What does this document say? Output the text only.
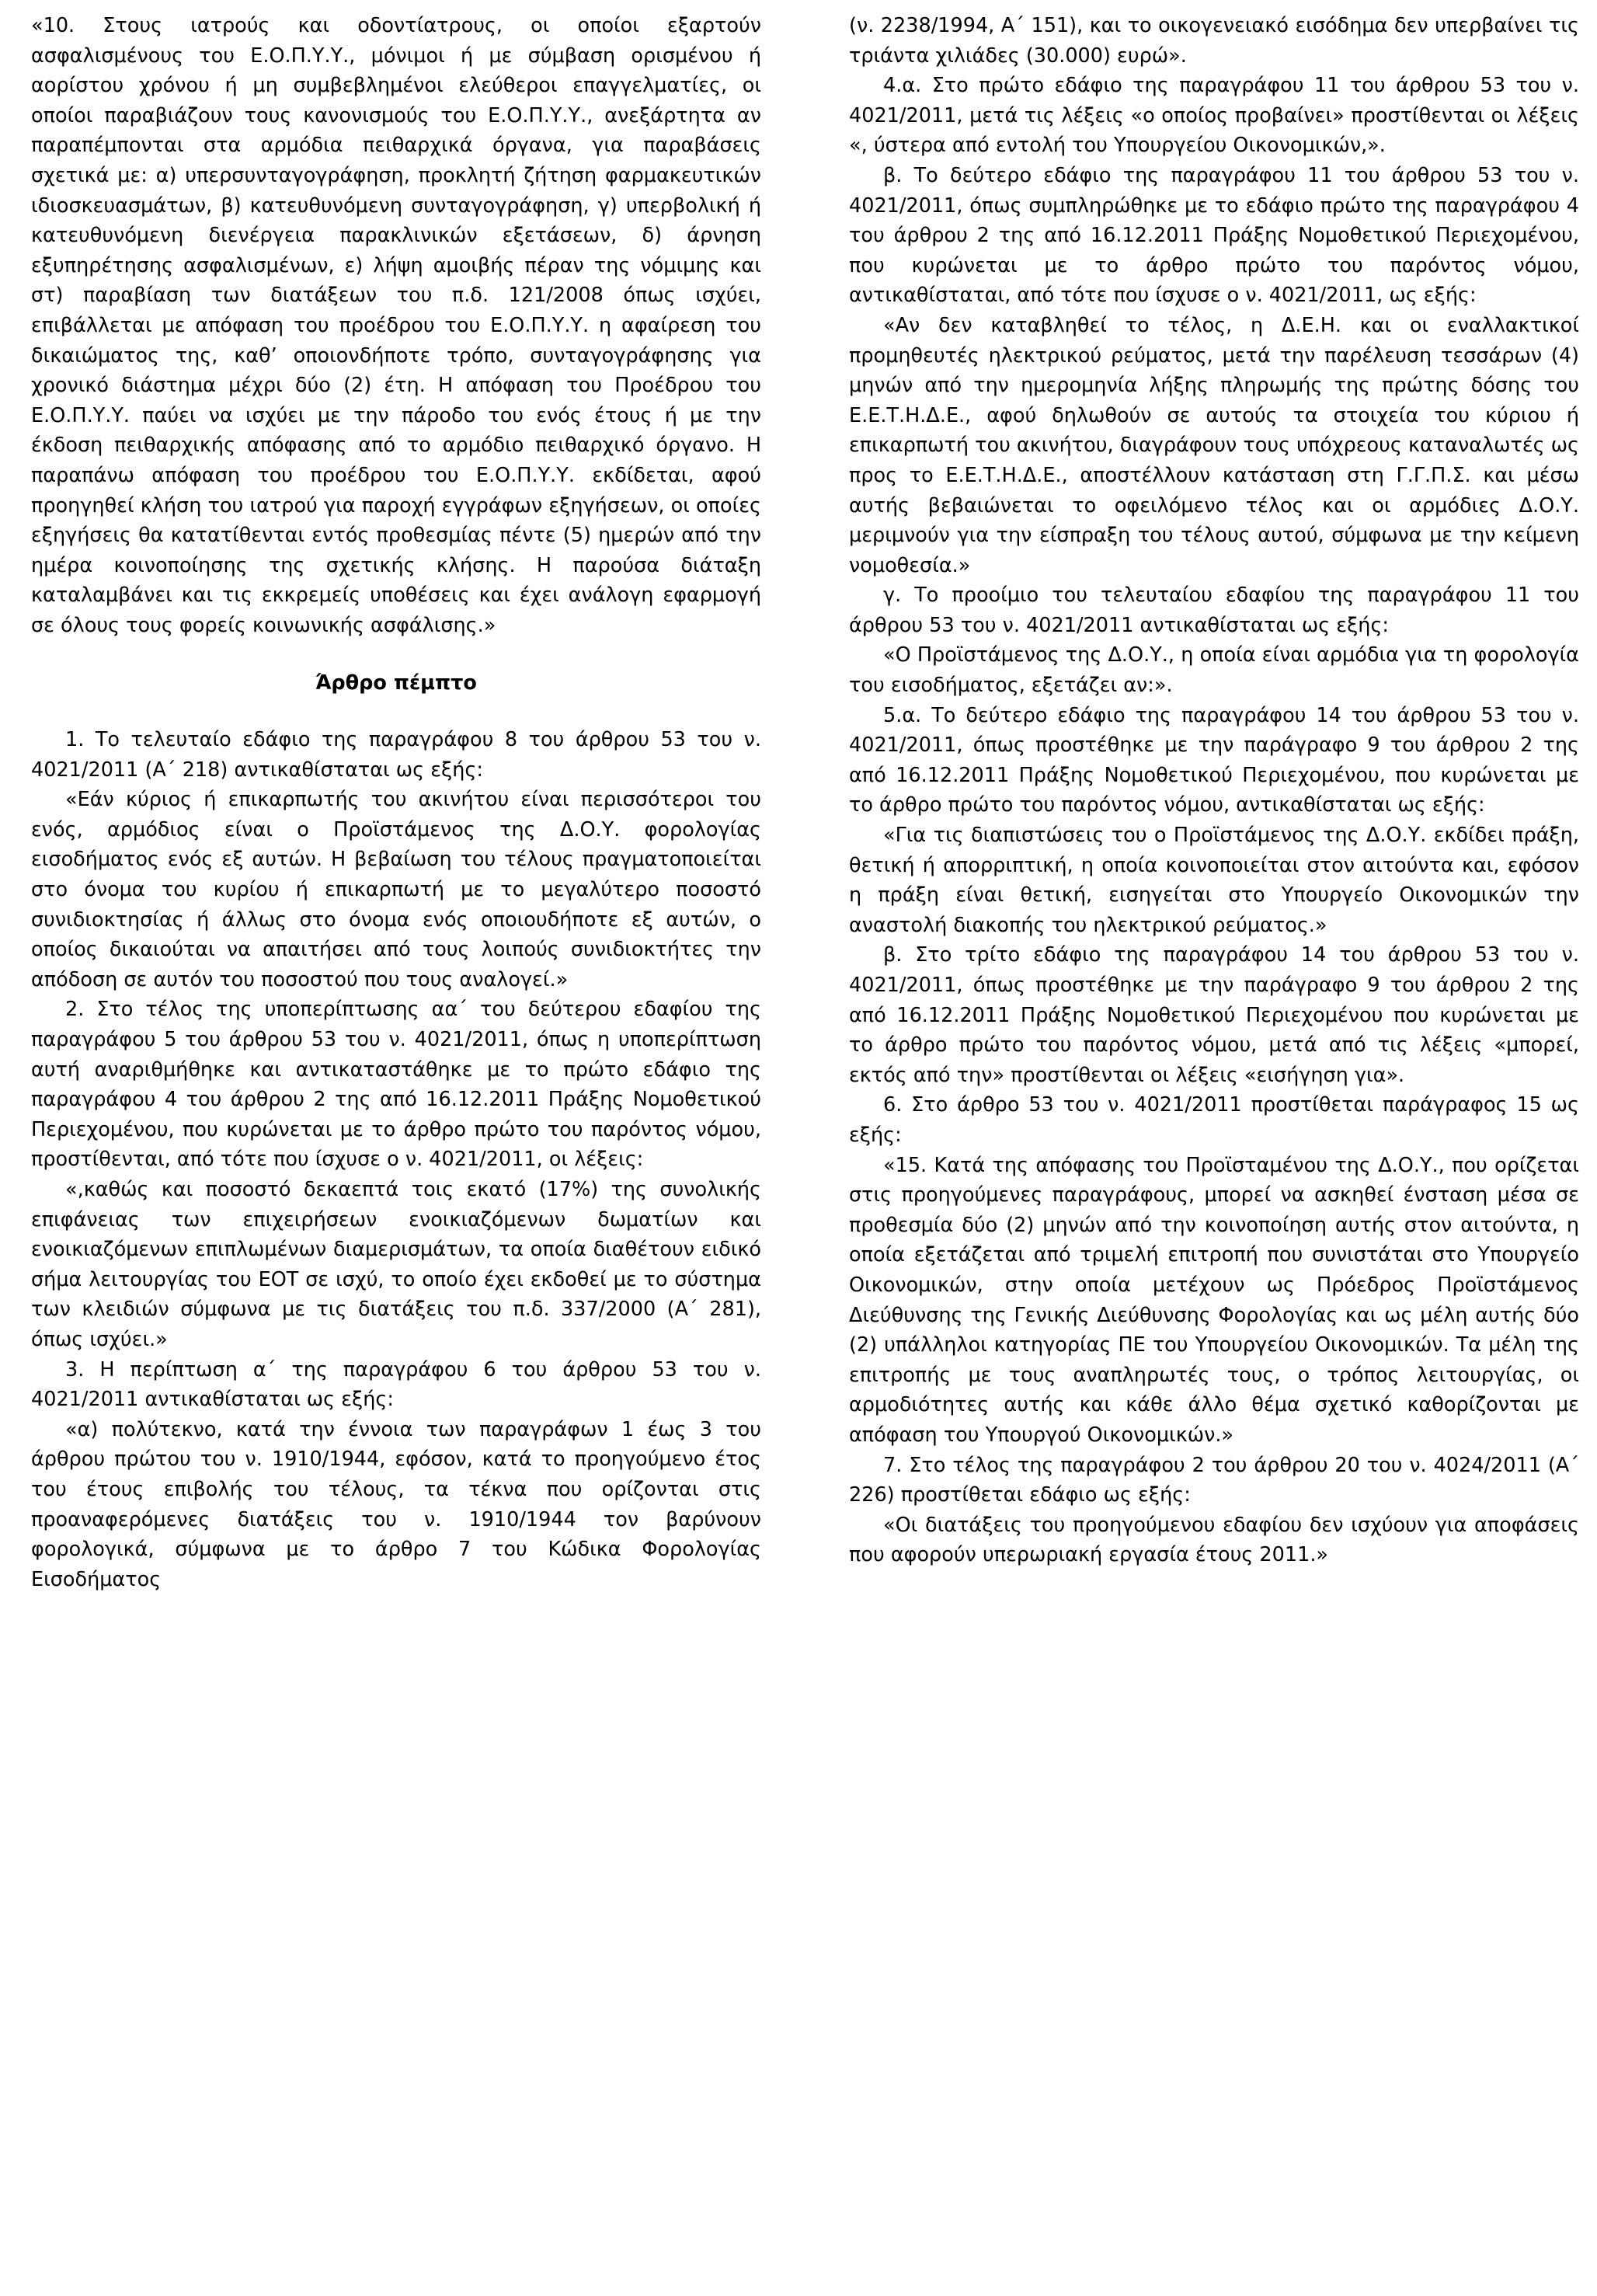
«10. Στους ιατρούς και οδοντίατρους, οι οποίοι εξαρτούν ασφαλισμένους του Ε.Ο.Π.Υ.Υ., μόνιμοι ή με σύμβαση ορισμένου ή αορίστου χρόνου ή μη συμβεβλημένοι ελεύθεροι επαγγελματίες, οι οποίοι παραβιάζουν τους κανονισμούς του Ε.Ο.Π.Υ.Υ., ανεξάρτητα αν παραπέμπονται στα αρμόδια πειθαρχικά όργανα, για παραβάσεις σχετικά με: α) υπερσυνταγογράφηση, προκλητή ζήτηση φαρμακευτικών ιδιοσκευασμάτων, β) κατευθυνόμενη συνταγογράφηση, γ) υπερβολική ή κατευθυνόμενη διενέργεια παρακλινικών εξετάσεων, δ) άρνηση εξυπηρέτησης ασφαλισμένων, ε) λήψη αμοιβής πέραν της νόμιμης και στ) παραβίαση των διατάξεων του π.δ. 121/2008 όπως ισχύει, επιβάλλεται με απόφαση του προέδρου του Ε.Ο.Π.Υ.Υ. η αφαίρεση του δικαιώματος της, καθ’ οποιονδήποτε τρόπο, συνταγογράφησης για χρονικό διάστημα μέχρι δύο (2) έτη. Η απόφαση του Προέδρου του Ε.Ο.Π.Υ.Υ. παύει να ισχύει με την πάροδο του ενός έτους ή με την έκδοση πειθαρχικής απόφασης από το αρμόδιο πειθαρχικό όργανο. Η παραπάνω απόφαση του προέδρου του Ε.Ο.Π.Υ.Υ. εκδίδεται, αφού προηγηθεί κλήση του ιατρού για παροχή εγγράφων εξηγήσεων, οι οποίες εξηγήσεις θα κατατίθενται εντός προθεσμίας πέντε (5) ημερών από την ημέρα κοινοποίησης της σχετικής κλήσης. Η παρούσα διάταξη καταλαμβάνει και τις εκκρεμείς υποθέσεις και έχει ανάλογη εφαρμογή σε όλους τους φορείς κοινωνικής ασφάλισης.»

Άρθρο πέμπτο

1. Το τελευταίο εδάφιο της παραγράφου 8 του άρθρου 53 του ν. 4021/2011 (Α΄ 218) αντικαθίσταται ως εξής:

«Εάν κύριος ή επικαρπωτής του ακινήτου είναι περισσότεροι του ενός, αρμόδιος είναι ο Προϊστάμενος της Δ.Ο.Υ. φορολογίας εισοδήματος ενός εξ αυτών. Η βεβαίωση του τέλους πραγματοποιείται στο όνομα του κυρίου ή επικαρπωτή με το μεγαλύτερο ποσοστό συνιδιοκτησίας ή άλλως στο όνομα ενός οποιουδήποτε εξ αυτών, ο οποίος δικαιούται να απαιτήσει από τους λοιπούς συνιδιοκτήτες την απόδοση σε αυτόν του ποσοστού που τους αναλογεί.»

2. Στο τέλος της υποπερίπτωσης αα΄ του δεύτερου εδαφίου της παραγράφου 5 του άρθρου 53 του ν. 4021/2011, όπως η υποπερίπτωση αυτή αναριθμήθηκε και αντικαταστάθηκε με το πρώτο εδάφιο της παραγράφου 4 του άρθρου 2 της από 16.12.2011 Πράξης Νομοθετικού Περιεχομένου, που κυρώνεται με το άρθρο πρώτο του παρόντος νόμου, προστίθενται, από τότε που ίσχυσε ο ν. 4021/2011, οι λέξεις:

«,καθώς και ποσοστό δεκαεπτά τοις εκατό (17%) της συνολικής επιφάνειας των επιχειρήσεων ενοικιαζόμενων δωματίων και ενοικιαζόμενων επιπλωμένων διαμερισμάτων, τα οποία διαθέτουν ειδικό σήμα λειτουργίας του ΕΟΤ σε ισχύ, το οποίο έχει εκδοθεί με το σύστημα των κλειδιών σύμφωνα με τις διατάξεις του π.δ. 337/2000 (Α΄ 281), όπως ισχύει.»

3. Η περίπτωση α΄ της παραγράφου 6 του άρθρου 53 του ν. 4021/2011 αντικαθίσταται ως εξής:

«α) πολύτεκνο, κατά την έννοια των παραγράφων 1 έως 3 του άρθρου πρώτου του ν. 1910/1944, εφόσον, κατά το προηγούμενο έτος του έτους επιβολής του τέλους, τα τέκνα που ορίζονται στις προαναφερόμενες διατάξεις του ν. 1910/1944 τον βαρύνουν φορολογικά, σύμφωνα με το άρθρο 7 του Κώδικα Φορολογίας Εισοδήματος

(ν. 2238/1994, Α΄ 151), και το οικογενειακό εισόδημα δεν υπερβαίνει τις τριάντα χιλιάδες (30.000) ευρώ».

4.α. Στο πρώτο εδάφιο της παραγράφου 11 του άρθρου 53 του ν. 4021/2011, μετά τις λέξεις «ο οποίος προβαίνει» προστίθενται οι λέξεις «, ύστερα από εντολή του Υπουργείου Οικονομικών,».

β. Το δεύτερο εδάφιο της παραγράφου 11 του άρθρου 53 του ν. 4021/2011, όπως συμπληρώθηκε με το εδάφιο πρώτο της παραγράφου 4 του άρθρου 2 της από 16.12.2011 Πράξης Νομοθετικού Περιεχομένου, που κυρώνεται με το άρθρο πρώτο του παρόντος νόμου, αντικαθίσταται, από τότε που ίσχυσε ο ν. 4021/2011, ως εξής:

«Αν δεν καταβληθεί το τέλος, η Δ.Ε.Η. και οι εναλλακτικοί προμηθευτές ηλεκτρικού ρεύματος, μετά την παρέλευση τεσσάρων (4) μηνών από την ημερομηνία λήξης πληρωμής της πρώτης δόσης του Ε.Ε.Τ.Η.Δ.Ε., αφού δηλωθούν σε αυτούς τα στοιχεία του κύριου ή επικαρπωτή του ακινήτου, διαγράφουν τους υπόχρεους καταναλωτές ως προς το Ε.Ε.Τ.Η.Δ.Ε., αποστέλλουν κατάσταση στη Γ.Γ.Π.Σ. και μέσω αυτής βεβαιώνεται το οφειλόμενο τέλος και οι αρμόδιες Δ.Ο.Υ. μεριμνούν για την είσπραξη του τέλους αυτού, σύμφωνα με την κείμενη νομοθεσία.»

γ. Το προοίμιο του τελευταίου εδαφίου της παραγράφου 11 του άρθρου 53 του ν. 4021/2011 αντικαθίσταται ως εξής:

«Ο Προϊστάμενος της Δ.Ο.Υ., η οποία είναι αρμόδια για τη φορολογία του εισοδήματος, εξετάζει αν:».

5.α. Το δεύτερο εδάφιο της παραγράφου 14 του άρθρου 53 του ν. 4021/2011, όπως προστέθηκε με την παράγραφο 9 του άρθρου 2 της από 16.12.2011 Πράξης Νομοθετικού Περιεχομένου, που κυρώνεται με το άρθρο πρώτο του παρόντος νόμου, αντικαθίσταται ως εξής:

«Για τις διαπιστώσεις του ο Προϊστάμενος της Δ.Ο.Υ. εκδίδει πράξη, θετική ή απορριπτική, η οποία κοινοποιείται στον αιτούντα και, εφόσον η πράξη είναι θετική, εισηγείται στο Υπουργείο Οικονομικών την αναστολή διακοπής του ηλεκτρικού ρεύματος.»

β. Στο τρίτο εδάφιο της παραγράφου 14 του άρθρου 53 του ν. 4021/2011, όπως προστέθηκε με την παράγραφο 9 του άρθρου 2 της από 16.12.2011 Πράξης Νομοθετικού Περιεχομένου που κυρώνεται με το άρθρο πρώτο του παρόντος νόμου, μετά από τις λέξεις «μπορεί, εκτός από την» προστίθενται οι λέξεις «εισήγηση για».

6. Στο άρθρο 53 του ν. 4021/2011 προστίθεται παράγραφος 15 ως εξής:

«15. Κατά της απόφασης του Προϊσταμένου της Δ.Ο.Υ., που ορίζεται στις προηγούμενες παραγράφους, μπορεί να ασκηθεί ένσταση μέσα σε προθεσμία δύο (2) μηνών από την κοινοποίηση αυτής στον αιτούντα, η οποία εξετάζεται από τριμελή επιτροπή που συνιστάται στο Υπουργείο Οικονομικών, στην οποία μετέχουν ως Πρόεδρος Προϊστάμενος Διεύθυνσης της Γενικής Διεύθυνσης Φορολογίας και ως μέλη αυτής δύο (2) υπάλληλοι κατηγορίας ΠΕ του Υπουργείου Οικονομικών. Τα μέλη της επιτροπής με τους αναπληρωτές τους, ο τρόπος λειτουργίας, οι αρμοδιότητες αυτής και κάθε άλλο θέμα σχετικό καθορίζονται με απόφαση του Υπουργού Οικονομικών.»

7. Στο τέλος της παραγράφου 2 του άρθρου 20 του ν. 4024/2011 (Α΄ 226) προστίθεται εδάφιο ως εξής:

«Οι διατάξεις του προηγούμενου εδαφίου δεν ισχύουν για αποφάσεις που αφορούν υπερωριακή εργασία έτους 2011.»
